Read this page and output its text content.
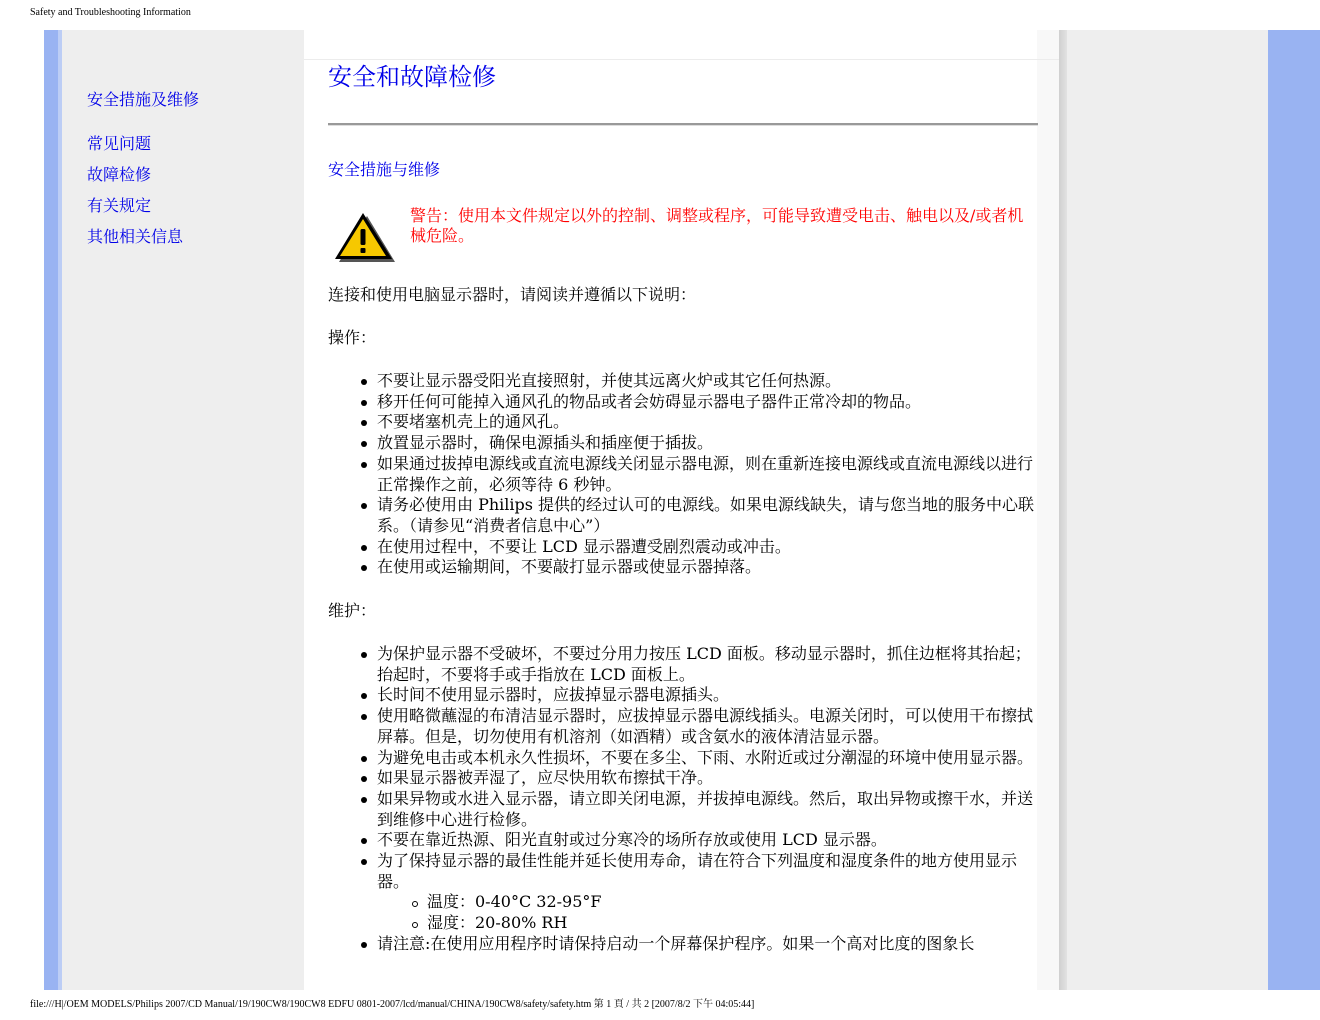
Safety and Troubleshooting Information
安全措施及维修
常见问题
故障检修
有关规定
其他相关信息
安全和故障检修
安全措施与维修
警告：使用本文件规定以外的控制、调整或程序，可能导致遭受电击、触电以及/或者机械危险。
连接和使用电脑显示器时，请阅读并遵循以下说明：
操作：
不要让显示器受阳光直接照射，并使其远离火炉或其它任何热源。
移开任何可能掉入通风孔的物品或者会妨碍显示器电子器件正常冷却的物品。
不要堵塞机壳上的通风孔。
放置显示器时，确保电源插头和插座便于插拔。
如果通过拔掉电源线或直流电源线关闭显示器电源，则在重新连接电源线或直流电源线以进行正常操作之前，必须等待 6 秒钟。
请务必使用由 Philips 提供的经过认可的电源线。如果电源线缺失，请与您当地的服务中心联系。（请参见“消费者信息中心”）
在使用过程中，不要让 LCD 显示器遭受剧烈震动或冲击。
在使用或运输期间，不要敲打显示器或使显示器掉落。
维护：
为保护显示器不受破坏，不要过分用力按压 LCD 面板。移动显示器时，抓住边框将其抬起；抬起时，不要将手或手指放在 LCD 面板上。
长时间不使用显示器时，应拔掉显示器电源插头。
使用略微蘸湿的布清洁显示器时，应拔掉显示器电源线插头。电源关闭时，可以使用干布擦拭屏幕。但是，切勿使用有机溶剂（如酒精）或含氨水的液体清洁显示器。
为避免电击或本机永久性损坏，不要在多尘、下雨、水附近或过分潮湿的环境中使用显示器。
如果显示器被弄湿了，应尽快用软布擦拭干净。
如果异物或水进入显示器，请立即关闭电源，并拔掉电源线。然后，取出异物或擦干水，并送到维修中心进行检修。
不要在靠近热源、阳光直射或过分寒冷的场所存放或使用 LCD 显示器。
为了保持显示器的最佳性能并延长使用寿命，请在符合下列温度和湿度条件的地方使用显示器。
温度：0-40°C 32-95°F
湿度：20-80% RH
请注意:在使用应用程序时请保持启动一个屏幕保护程序。如果一个高对比度的图象长
file:///H|/OEM MODELS/Philips 2007/CD Manual/19/190CW8/190CW8 EDFU 0801-2007/lcd/manual/CHINA/190CW8/safety/safety.htm 第 1 頁 / 共 2 [2007/8/2 下午 04:05:44]
